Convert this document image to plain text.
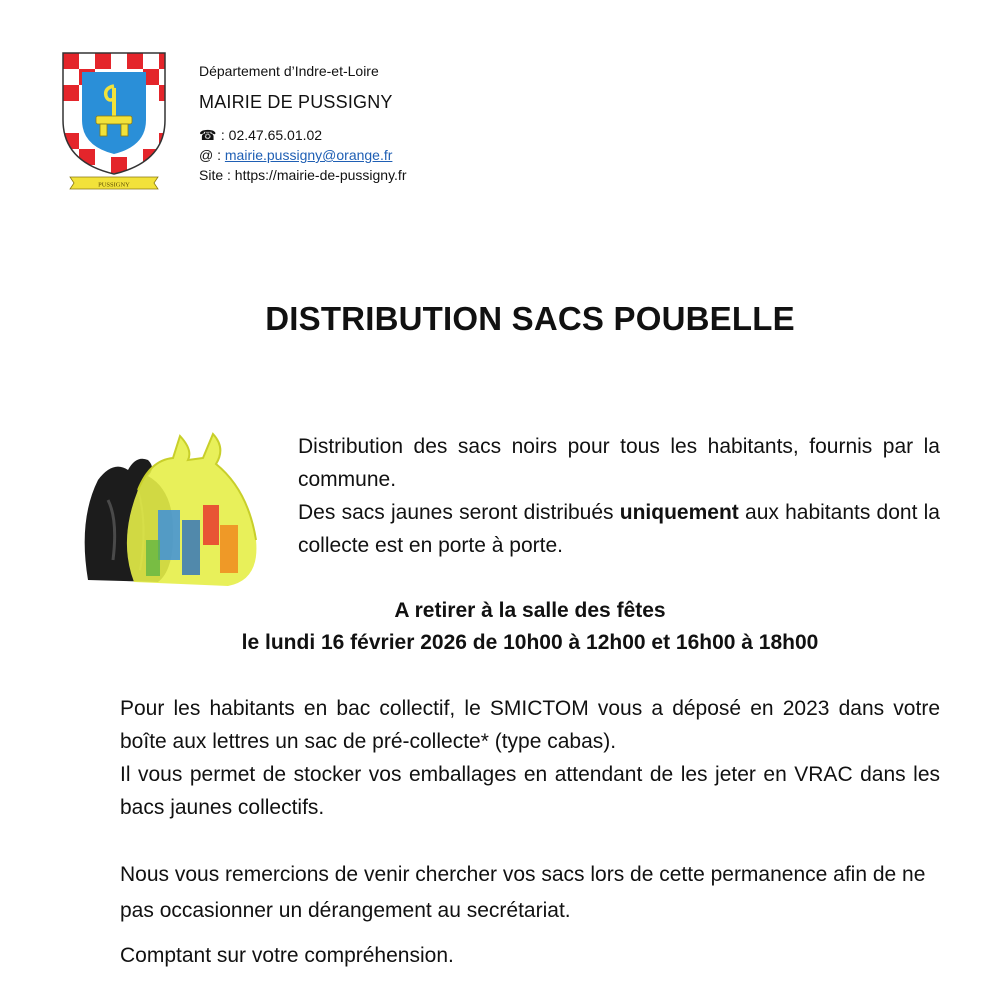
PUSSIGNY

Département d’Indre-et-Loire

MAIRIE DE PUSSIGNY

☎ : 02.47.65.01.02

@ : mairie.pussigny@orange.fr

Site : https://mairie-de-pussigny.fr

DISTRIBUTION SACS POUBELLE

Distribution des sacs noirs pour tous les habitants, fournis par la commune.

Des sacs jaunes seront distribués uniquement aux habitants dont la collecte est en porte à porte.

A retirer à la salle des fêtes
le lundi 16 février 2026 de 10h00 à 12h00 et 16h00 à 18h00

Pour les habitants en bac collectif, le SMICTOM vous a déposé en 2023 dans votre boîte aux lettres un sac de pré-collecte* (type cabas).

Il vous permet de stocker vos emballages en attendant de les jeter en VRAC dans les bacs jaunes collectifs.

Nous vous remercions de venir chercher vos sacs lors de cette permanence afin de ne pas occasionner un dérangement au secrétariat.
Comptant sur votre compréhension.
